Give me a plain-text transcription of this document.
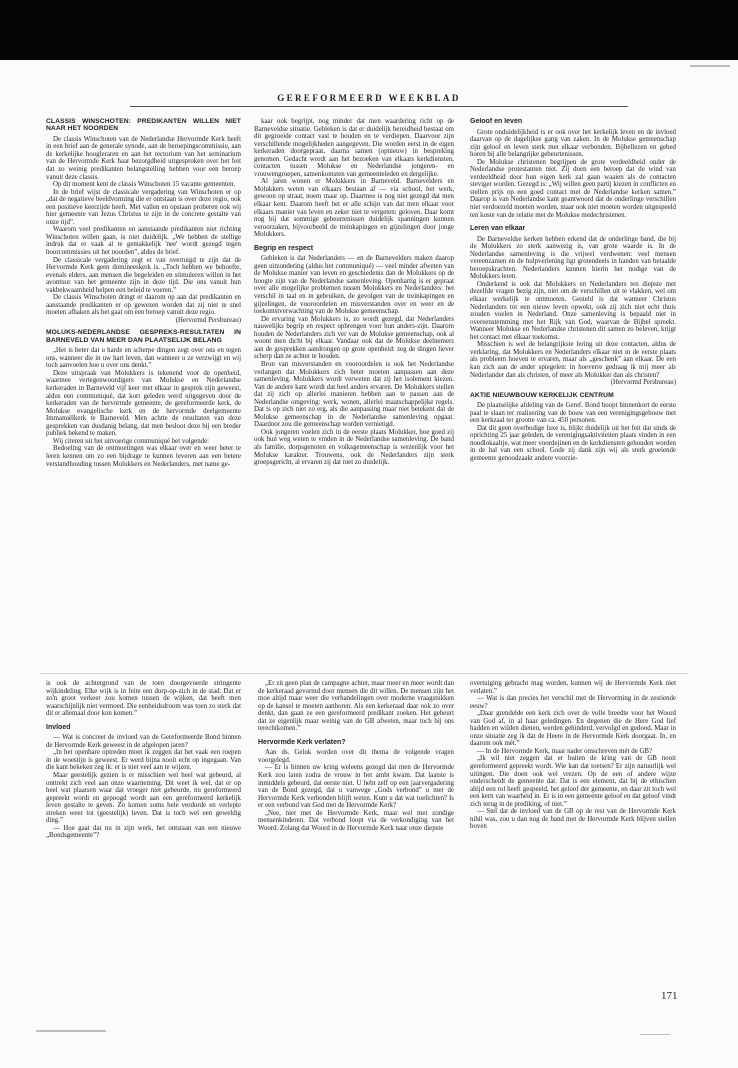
GEREFORMEERD WEEKBLAD
CLASSIS WINSCHOTEN: PREDIKANTEN WILLEN NIET NAAR HET NOORDEN

De classis Winschoten van de Nederlandse Hervormde Kerk heeft in een brief aan de generale synode, aan de beroepingscommissie, aan de kerkelijke hoogleraren en aan het rectorium van het seminarium van de Hervormde Kerk haar bezorgdheid uitgesproken over het feit dat zo weinig predikanten belangstelling hebben voor een beroep vanuit deze classis.

Op dit moment kent de classis Winschoten 15 vacante gemeenten.

In de brief wijst de classicale vergadering van Winschoten er op „dat de negatieve beeldvorming die er ontstaan is over deze regio, ook een positieve keerzijde heeft. Met vallen en opstaan proberen ook wij hier gemeente van Jezus Christus te zijn in de concrete gestalte van onze tijd”.

Waarom veel predikanten en aanstaande predikanten niet richting Winschoten willen gaan, is niet duidelijk. „We hebben de stellige indruk dat er vaak al te gemakkelijk 'nee' wordt gezegd tegen hoorcommissies uit het noorden”, aldus de brief.

De classicale vergadering zegt er van overtuigd te zijn dat de Hervormde Kerk geen domineeskerk is. „Toch hebben we behoefte, evenals elders, aan mensen die begeleiden en stimuleren willen in het avontuur van het gemeente zijn in deze tijd. Die ons vanuit hun vakbekwaamheid helpen een beleid te voeren.”

De classis Winschoten dringt er daarom op aan dat predikanten en aanstaande predikanten er op gewezen worden dat zij niet te snel moeten afhaken als het gaat om een beroep vanuit deze regio.

(Hervormd Persbureau)

MOLUKS-NEDERLANDSE GESPREKS-RESULTATEN IN BARNEVELD VAN MEER DAN PLAATSELIJK BELANG

„Het is beter dat u harde en scherpe dingen zegt over ons en tegen ons, wanneer die in uw hart leven, dan wanneer u ze verzwijgt en wij toch aanvoelen hoe u over ons denkt.”

Deze uitspraak van Molukkers is tekenend voor de openheid, waarmee vertegenwoordigers van Molukse en Nederlandse kerkeraden in Barneveld vijf keer met elkaar in gesprek zijn geweest, aldus een communiqué, dat kort geleden werd uitgegeven door de kerkeraden van de hervormde gemeente, de gereformeerde kerk, de Molukse evangelische kerk en de hervormde deelgemeente Immanuëlkerk te Barneveld. Men achtte de resultaten van deze gesprekken van dusdanig belang, dat men besloot deze bij een breder publiek bekend te maken.

Wij citeren uit het uitvoerige communiqué het volgende:

Bedoeling van de ontmoetingen was elkaar over en weer beter te leren kennen om zo een bijdrage te kunnen leveren aan een betere verstandhouding tussen Molukkers en Nederlanders, met name ge-

kaar ook begrijpt, nog minder dat men waardering richt op de Barneveldse situatie. Gebleken is dat er duidelijk bereidheid bestaat om dit gegroeide contact vast te houden en te verdiepen. Daarvoor zijn verschillende mogelijkheden aangegeven. Die worden eerst in de eigen kerkeraden doorgepraat, daarna samen (opnieuw) in bespreking genomen. Gedacht wordt aan het bezoeken van elkaars kerkdiensten, contacten tussen Molukse en Nederlandse jongeren- en vrouwengroepen, samenkomsten van gemeenteleden en dergelijke.

Al jaren wonen er Molukkers in Barneveld. Barnevelders en Molukkers weten van elkaars bestaan af — via school, het werk, gewoon op straat, noem maar op. Daarmee is nog niet gezegd dat men elkaar kent. Daarom heeft het er alle schijn van dat men elkaar voor elkaars manier van leven en zeker niet te vergeten: geloven. Daar komt nog bij dat sommige gebeurtenissen duidelijk spanningen kunnen veroorzaken, bijvoorbeeld de treinkapingen en gijzelingen door jonge Molukkers.

Begrip en respect

Gebleken is dat Nederlanders — en de Barnevelders maken daarop geen uitzondering (aldus het communiqué) — veel minder afweten van de Molukse manier van leven en geschiedenis dan de Molukkers op de hoogte zijn van de Nederlandse samenleving. Openhartig is er gepraat over alle mogelijke problemen tussen Molukkers en Nederlanders: het verschil in taal en in gebruiken, de gevolgen van de treinkapingen en gijzelingen, de vooroordelen en misverstanden over en weer en de toekomstverwachting van de Molukse gemeenschap.

De ervaring van Molukkers is, zo wordt gezegd, dat Nederlanders nauwelijks begrip en respect opbrengen voor hun anders-zijn. Daarom houden de Nederlanders zich ver van de Molukse gemeenschap, ook al woont men dicht bij elkaar. Vandaar ook dat de Molukse deelnemers aan de gesprekken aandrongen op grote openheid: zeg de dingen liever scherp dan ze achter te houden.

Bron van misverstanden en vooroordelen is ook het Nederlandse verlangen dat Molukkers zich beter moeten aanpassen aan deze samenleving. Molukkers wordt verweten dat zij het isolement kiezen. Van de andere kant wordt dat heel anders ervaren. De Molukkers stellen dat zij zich op allerlei manieren hebben aan te passen aan de Nederlandse omgeving: werk, wonen, allerlei maatschappelijke regels. Dat is op zich niet zo erg, als die aanpassing maar niet betekent dat de Molukse gemeenschap in de Nederlandse samenleving opgaat. Daardoor zou die gemeenschap worden vernietigd.

Ook jongeren voelen zich in de eerste plaats Molukker, hoe goed zij ook hun weg weten te vinden in de Nederlandse samenleving. De band als familie, dorpsgenoten en volksgemeenschap is wezenlijk voor het Molukse karakter. Trouwens, ook de Nederlanders zijn sterk groepsgericht, al ervaren zij dat niet zo duidelijk.

Geloof en leven

Grote onduidelijkheid is er ook over het kerkelijk leven en de invloed daarvan op de dagelijkse gang van zaken. In de Molukse gemeenschap zijn geloof en leven sterk met elkaar verbonden. Bijbellezen en gebed horen bij alle belangrijke gebeurtenissen.

De Molukse christenen begrijpen de grote verdeeldheid onder de Nederlandse protestanten niet. Zij doen een beroep dat de wind van verdeeldheid door hun eigen kerk zal gaan waaien als de contacten steviger worden. Gezegd is: „Wij willen geen partij kiezen in conflicten en stellen prijs op een goed contact met de Nederlandse kerken samen.” Daarop is van Nederlandse kant geantwoord dat de onderlinge verschillen niet verdoezeld moeten worden, maar ook niet moeten worden uitgespeeld ten koste van de relatie met de Molukse medechristenen.

Leren van elkaar

De Barneveldse kerken hebben erkend dat de onderlinge band, die bij de Molukkers zo sterk aanwezig is, van grote waarde is. In de Nederlandse samenleving is die vrijwel verdwenen: veel mensen vereenzamen en de hulpverlening ligt grotendeels in handen van betaalde beroepskrachten. Nederlanders kunnen hierin het nodige van de Molukkers leren.

Onderkend is ook dat Molukkers en Nederlanders ten diepste met dezelfde vragen bezig zijn, niet om de verschillen uit te vlakken, wel om elkaar werkelijk te ontmoeten. Gesteld is dat wanneer Christus Nederlanders tot een nieuw leven opwekt, ook zij zich niet echt thuis zouden voelen in Nederland. Onze samenleving is bepaald niet in overeenstemming met het Rijk van God, waarvan de Bijbel spreekt. Wanneer Molukse en Nederlandse christenen dit samen zo beleven, krijgt het contact met elkaar toekomst.

Misschien is wel de belangrijkste lering uit deze contacten, aldus de verklaring, dat Molukkers en Nederlanders elkaar niet in de eerste plaats als probleem hoeven te ervaren, maar als „geschenk” aan elkaar. De een kan zich aan de ander spiegelen: in hoeverre gedraag ik mij meer als Nederlander dan als christen, of meer als Molukker dan als christen?

(Hervormd Persbureau)

AKTIE NIEUWBOUW KERKELIJK CENTRUM

De plaatselijke afdeling van de Geref. Bond hoopt binnenkort de eerste paal te slaan ter realisering van de bouw van een verenigingsgebouw met een kerkzaal ter grootte van ca. 450 personen.

Dat dit geen overbodige luxe is, blijkt duidelijk uit het feit dat sinds de oprichting 25 jaar geleden, de verenigingsaktiviteiten plaats vinden in een noodlokaaltje, wat meer voordejinen en de kerkdiensten gehouden worden in de hal van een school. Gode zij dank zijn wij als sterk groeiende gemeente genoodzaakt andere voorzie-

is ook de achtergrond van de toen doorgevoerde stringente wijkindeling. Elke wijk is in feite een dorp-op-zich in de stad. Dat er zo'n groot verkeer zou komen tussen de wijken, dat heeft men waarschijnlijk niet vermoed. Die eenheidsdroom was toen zo sterk dat dit er allemaal door kon komen.”

Invloed

— Wat is concreet de invloed van de Gereformeerde Bond binnen de Hervormde Kerk geweest in de afgelopen jaren?

„In het openbare optreden moet ik zeggen dat het vaak een roepen in de woestijn is geweest. Er werd bijna nooit echt op ingegaan. Van die kant bekeken zeg ik: er is niet veel aan te wijzen.

Maar geestelijk gezien is er misschien wel heel wat gebeurd, al onttrekt zich veel aan onze waarneming. Dit weet ik wel, dat er op heel wat plaatsen waar dat vroeger niet gebeurde, nu gereformeerd gepreekt wordt en gepoogd wordt aan een gereformeerd kerkelijk leven gestalte te geven. Zo komen soms hele verdorde en verlepte streken weer tot (geestelijk) leven. Dat is toch wel een geweldig ding.”

— Hoe gaat dat nu in zijn werk, het ontstaan van een nieuwe „Bondsgemeente”?

„Er zit geen plan de campagne achter, maar meer en meer wordt dan de kerkeraad gevormd door mensen die dit willen. De mensen zijn het moe altijd maar weer die verhandelingen over moderne vraagstukken op de kansel te moeten aanhoren. Als een kerkeraad daar ook zo over denkt, dan gaan ze een gereformeerd predikant zoeken. Het gebeurt dat ze eigenlijk maar weinig van de GB afweten, maar toch bij ons terechtkomen.”

Hervormde Kerk verlaten?

Aan ds. Geluk worden over dit thema de volgende vragen voorgelegd.

— Er is binnen uw kring weleens gezegd dat men de Hervormde Kerk zou laten zodra de vrouw in het ambt kwam. Dat laatste is inmiddels gebeurd, dat eerste niet. U hebt zelf op een jaarvergadering van de Bond gezegd, dat u vanwege „Gods verbond” u met de Hervormde Kerk verbonden blijft weten. Kunt u dat wat toelichten? Is er een verbond van God met de Hervormde Kerk?

„Nee, niet met de Hervormde Kerk, maar wel met zondige mensenkinderen. Dat verbond loopt via de verkondiging van het Woord. Zolang dat Woord in de Hervormde Kerk naar onze diepste

overtuiging gebracht mag worden, kunnen wij de Hervormde Kerk niet verlaten.”

— Wat is dan precies het verschil met de Hervorming in de zestiende eeuw?

„Daar grendelde een kerk zich over de volle breedte voor het Woord van God af, in al haar geledingen. En degenen die de Here God lief hadden en wilden dienen, werden gehinderd, vervolgd en gedood. Maar in onze situatie zeg ik dat de Heere in de Hervormde Kerk doorgaat. In, en daarom ook mèt.”

— In de Hervormde Kerk, maar nader omschreven mèt de GB?

„Ik wil niet zeggen dat er buiten de kring van de GB nooit gereformeerd gepreekt wordt. Wie kan dat toetsen? Er zijn natuurlijk wel uitingen. Die doen ook wel vrezen. Op de een of andere wijze onderscheidt de gemeente dat. Dat is een element, dat bij de ethischen altijd een rol heeft gespeeld, het geloof der gemeente, en daar zit toch wel een kern van waarheid in. Er is in een gemeente geloof en dat geloof vindt zich terug in de prediking, of niet.”

— Stel dat de invloed van de GB op de rest van de Hervormde Kerk nihil was, zou u dan nog de band met de Hervormde Kerk blijven stellen boven

171
